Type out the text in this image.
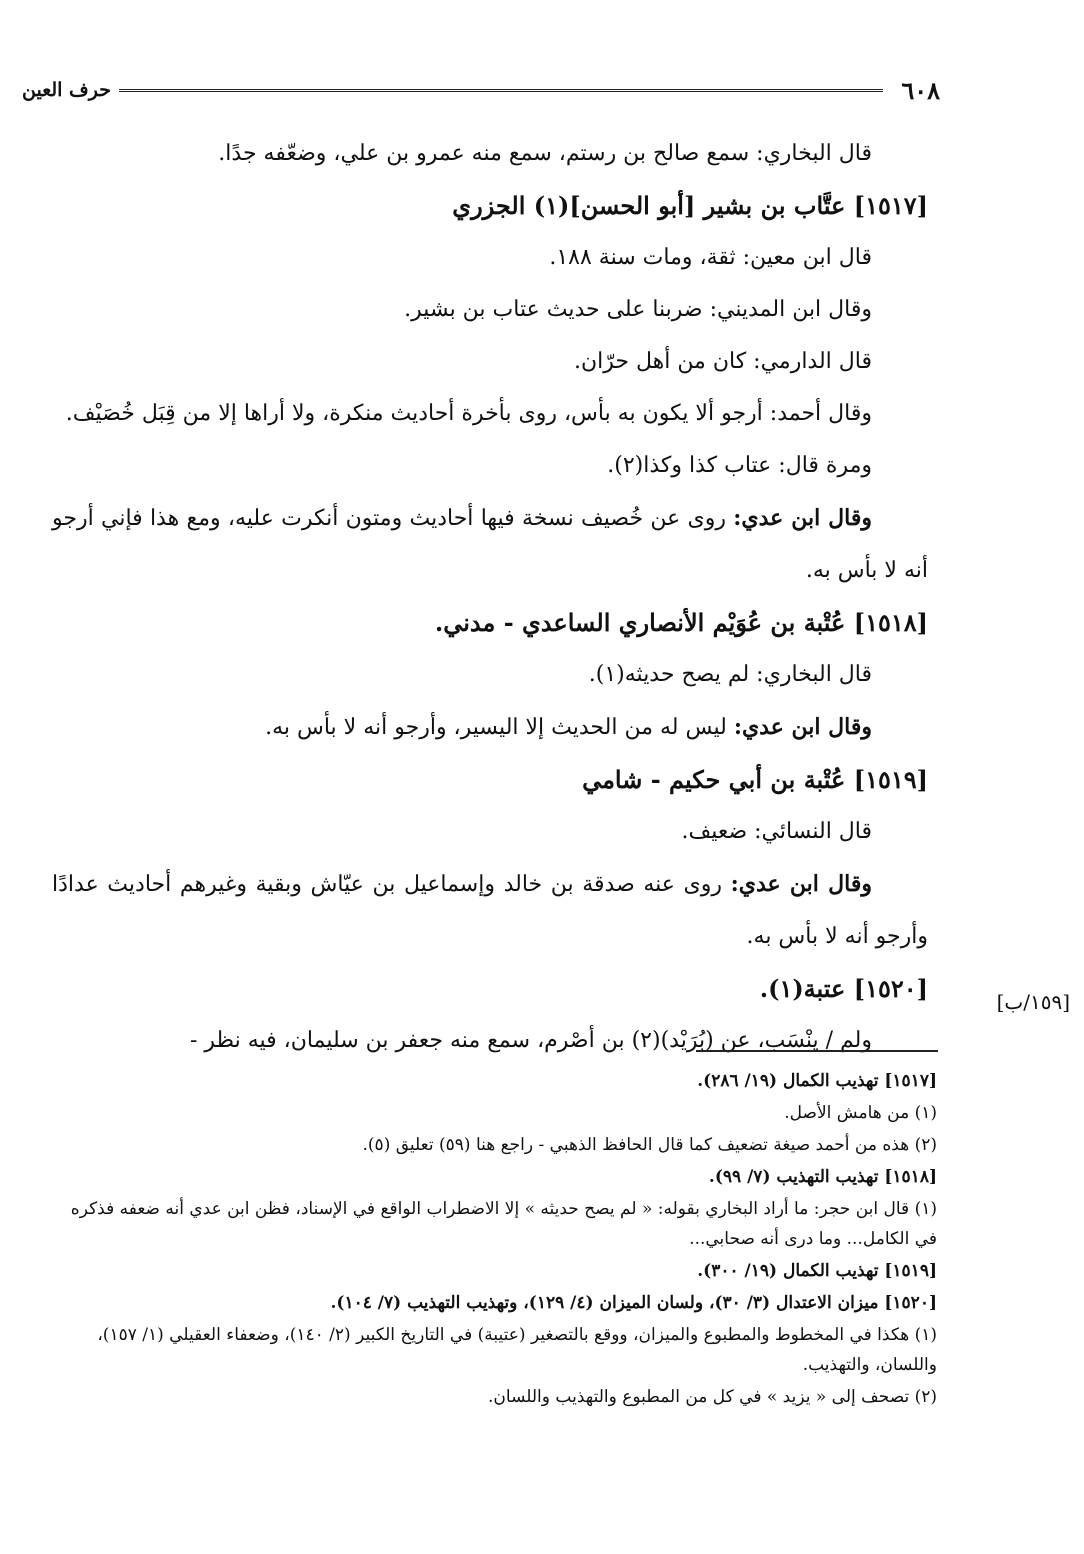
٦٠٨
حرف العين

قال البخاري: سمع صالح بن رستم، سمع منه عمرو بن علي، وضعّفه جدًا.

[١٥١٧] عتَّاب بن بشير [أبو الحسن](١) الجزري

قال ابن معين: ثقة، ومات سنة ١٨٨.

وقال ابن المديني: ضربنا على حديث عتاب بن بشير.

قال الدارمي: كان من أهل حرّان.

وقال أحمد: أرجو ألا يكون به بأس، روى بأخرة أحاديث منكرة، ولا أراها إلا من قِبَل خُصَيْف.

ومرة قال: عتاب كذا وكذا(٢).

وقال ابن عدي: روى عن خُصيف نسخة فيها أحاديث ومتون أنكرت عليه، ومع هذا فإني أرجو أنه لا بأس به.

[١٥١٨] عُتْبة بن عُوَيْم الأنصاري الساعدي - مدني.

قال البخاري: لم يصح حديثه(١).

وقال ابن عدي: ليس له من الحديث إلا اليسير، وأرجو أنه لا بأس به.

[١٥١٩] عُتْبة بن أبي حكيم - شامي

قال النسائي: ضعيف.

وقال ابن عدي: روى عنه صدقة بن خالد وإسماعيل بن عيّاش وبقية وغيرهم أحاديث عدادًا وأرجو أنه لا بأس به.

[١٥٢٠] عتبة(١).

ولم / ينْسَب، عن (بُرَيْد)(٢) بن أصْرم، سمع منه جعفر بن سليمان، فيه نظر -

[١٥٩/ب]

[١٥١٧] تهذيب الكمال (١٩/ ٢٨٦).

(١) من هامش الأصل.

(٢) هذه من أحمد صيغة تضعيف كما قال الحافظ الذهبي - راجع هنا (٥٩) تعليق (٥).

[١٥١٨] تهذيب التهذيب (٧/ ٩٩).

(١) قال ابن حجر: ما أراد البخاري بقوله: « لم يصح حديثه » إلا الاضطراب الواقع في الإسناد، فظن ابن عدي أنه ضعفه فذكره في الكامل... وما درى أنه صحابي...

[١٥١٩] تهذيب الكمال (١٩/ ٣٠٠).

[١٥٢٠] ميزان الاعتدال (٣/ ٣٠)، ولسان الميزان (٤/ ١٢٩)، وتهذيب التهذيب (٧/ ١٠٤).

(١) هكذا في المخطوط والمطبوع والميزان، ووقع بالتصغير (عتيبة) في التاريخ الكبير (٢/ ١٤٠)، وضعفاء العقيلي (١/ ١٥٧)، واللسان، والتهذيب.

(٢) تصحف إلى « يزيد » في كل من المطبوع والتهذيب واللسان.
